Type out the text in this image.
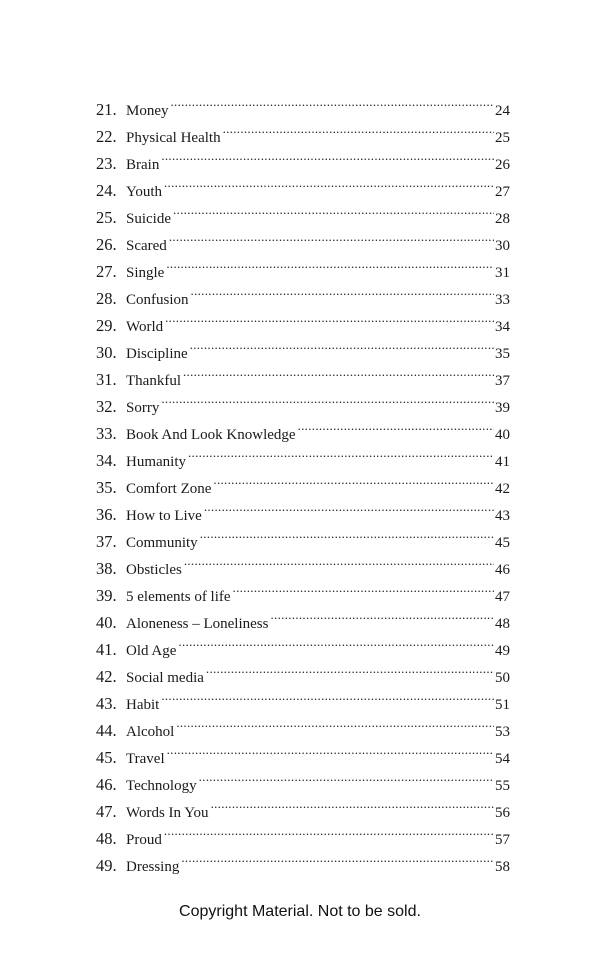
21. Money .....	24
22. Physical Health .....	25
23. Brain .....	26
24. Youth .....	27
25. Suicide .....	28
26. Scared .....	30
27. Single .....	31
28. Confusion .....	33
29. World .....	34
30. Discipline .....	35
31. Thankful .....	37
32. Sorry .....	39
33. Book And Look Knowledge .....	40
34. Humanity .....	41
35. Comfort Zone .....	42
36. How to Live .....	43
37. Community .....	45
38. Obsticles .....	46
39. 5 elements of life .....	47
40. Aloneness – Loneliness .....	48
41. Old Age .....	49
42. Social media .....	50
43. Habit .....	51
44. Alcohol .....	53
45. Travel .....	54
46. Technology .....	55
47. Words In You .....	56
48. Proud .....	57
49. Dressing .....	58
Copyright Material. Not to be sold.
